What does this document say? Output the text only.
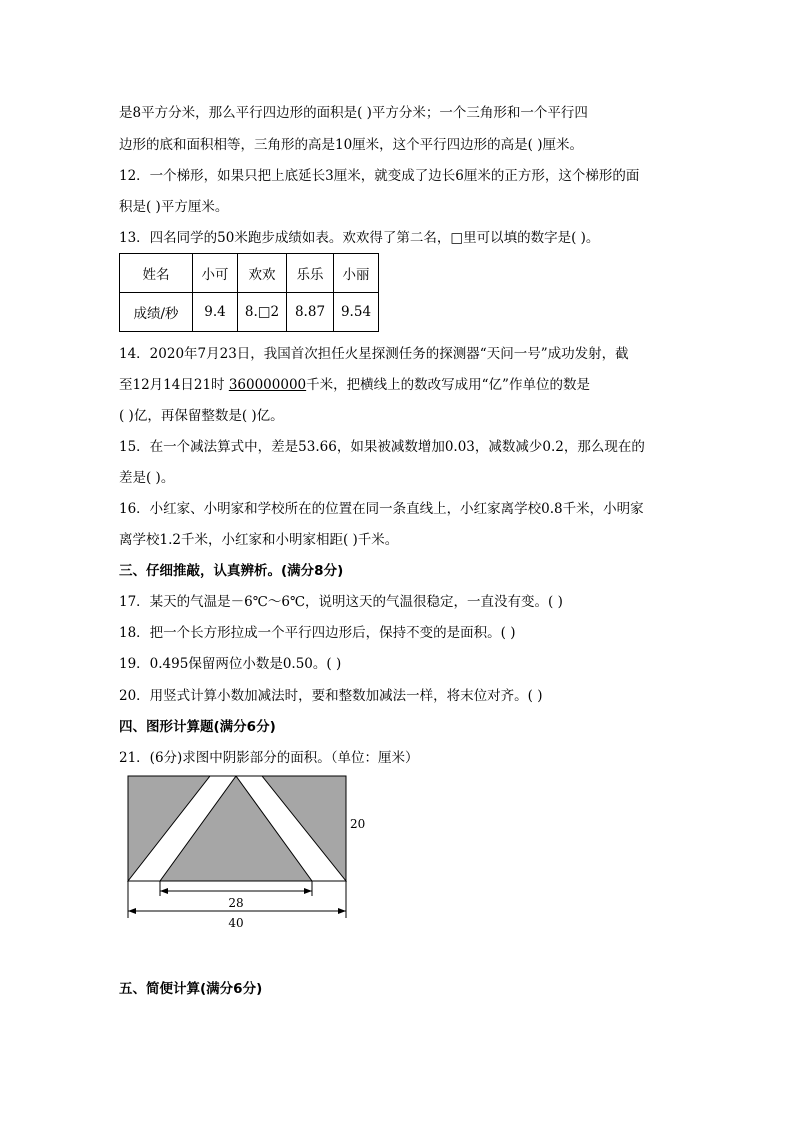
是8平方分米，那么平行四边形的面积是( )平方分米；一个三角形和一个平行四
边形的底和面积相等，三角形的高是10厘米，这个平行四边形的高是( )厘米。
12．一个梯形，如果只把上底延长3厘米，就变成了边长6厘米的正方形，这个梯形的面
积是( )平方厘米。
13．四名同学的50米跑步成绩如表。欢欢得了第二名，□里可以填的数字是( )。
姓名	小可	欢欢	乐乐	小丽
成绩/秒	9.4	8.□2	8.87	9.54
14．2020年7月23日，我国首次担任火星探测任务的探测器“天问一号”成功发射，截
至12月14日21时 360000000千米，把横线上的数改写成用“亿”作单位的数是
( )亿，再保留整数是( )亿。
15．在一个减法算式中，差是53.66，如果被减数增加0.03，减数减少0.2，那么现在的
差是( )。
16．小红家、小明家和学校所在的位置在同一条直线上，小红家离学校0.8千米，小明家
离学校1.2千米，小红家和小明家相距( )千米。
三、仔细推敲，认真辨析。(满分8分)
17．某天的气温是－6℃～6℃，说明这天的气温很稳定，一直没有变。( )
18．把一个长方形拉成一个平行四边形后，保持不变的是面积。( )
19．0.495保留两位小数是0.50。( )
20．用竖式计算小数加减法时，要和整数加减法一样，将末位对齐。( )
四、图形计算题(满分6分)
21．(6分)求图中阴影部分的面积。（单位：厘米）
28
40
20
五、简便计算(满分6分)
